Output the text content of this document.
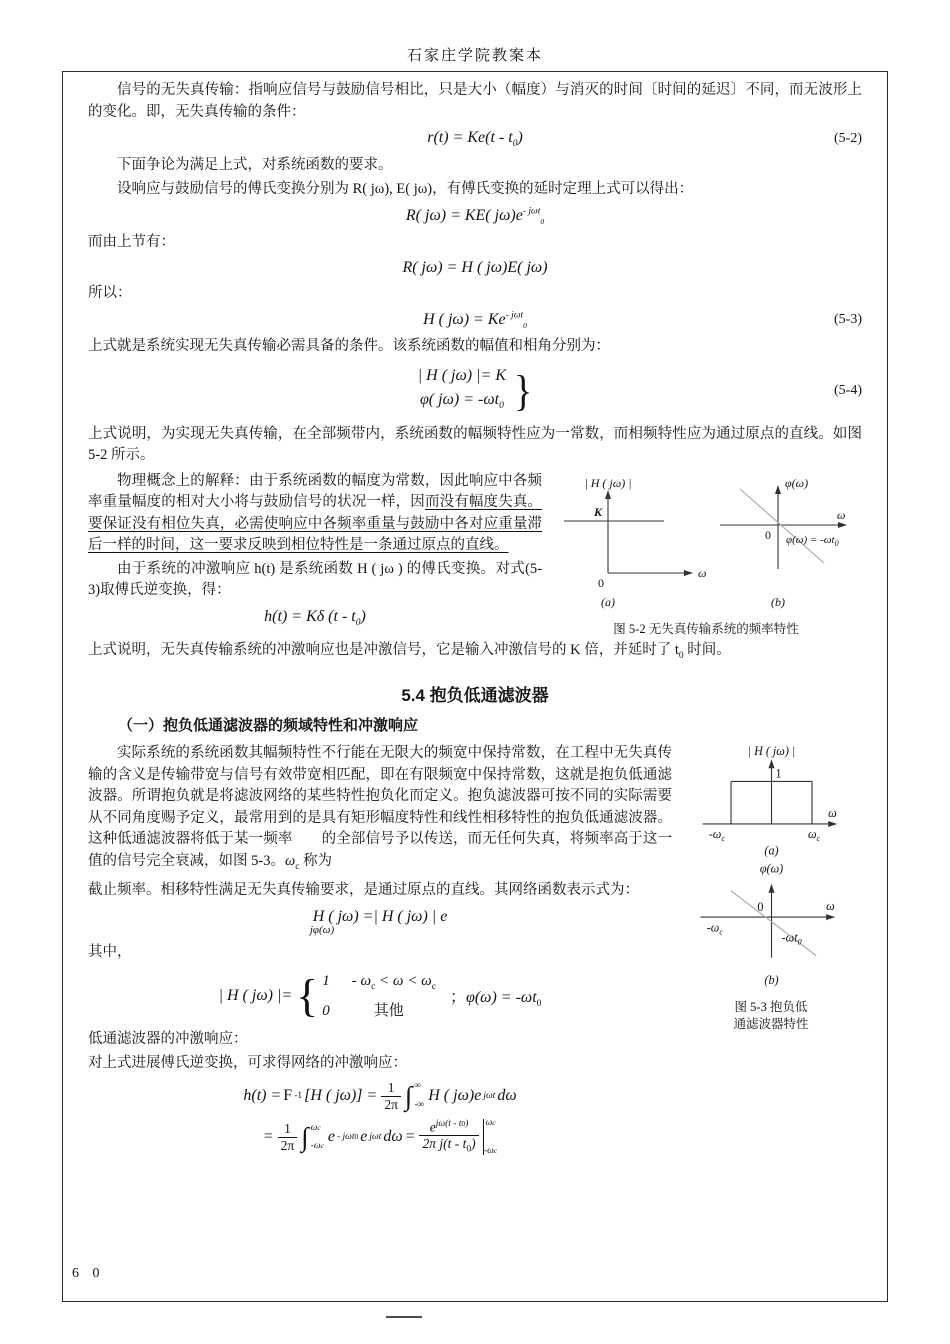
石家庄学院教案本

信号的无失真传输：指响应信号与鼓励信号相比，只是大小（幅度）与消灭的时间〔时间的延迟〕不同，而无波形上的变化。即，无失真传输的条件：

$r(t) = Ke(t - t_0)$	(5-2)

下面争论为满足上式，对系统函数的要求。

设响应与鼓励信号的傅氏变换分别为 R( jω), E( jω)，有傅氏变换的延时定理上式可以得出：

R( jω) = KE( $j\omega)e^{- j\omega t}_0$

而由上节有：

R( jω) = H ( jω)E( jω)

所以：

H ( $j\omega) = Ke^{- j\omega t}_0$	(5-3)

上式就是系统实现无失真传输必需具备的条件。该系统函数的幅值和相角分别为：

| H ( jω) |= K
φ( $j\omega) = -\omega t_0$ }	(5-4)

上式说明，为实现无失真传输，在全部频带内，系统函数的幅频特性应为一常数，而相频特性应为通过原点的直线。如图 5-2 所示。

物理概念上的解释：由于系统函数的幅度为常数，因此响应中各频率重量幅度的相对大小将与鼓励信号的状况一样，因而没有幅度失真。要保证没有相位失真，必需使响应中各频率重量与鼓励中各对应重量滞后一样的时间，这一要求反映到相位特性是一条通过原点的直线。

由于系统的冲激响应 h(t) 是系统函数 H ( jω ) 的傅氏变换。对式(5-3)取傅氏逆变换，得：

h(t) = Kδ $(t - t_0)$
| H ( jω) |
K
ω
0
(a)
φ(ω)
ω
0 $\varphi(\omega) = -\omega t_0$
(b)
图 5-2 无失真传输系统的频率特性

上式说明，无失真传输系统的冲激响应也是冲激信号，它是输入冲激信号的 K 倍，并延时了 $t_0$ 时间。

5.4 抱负低通滤波器
（一）抱负低通滤波器的频域特性和冲激响应

实际系统的系统函数其幅频特性不行能在无限大的频宽中保持常数，在工程中无失真传输的含义是传输带宽与信号有效带宽相匹配，即在有限频宽中保持常数，这就是抱负低通滤波器。所谓抱负就是将滤波网络的某些特性抱负化而定义。抱负滤波器可按不同的实际需要从不同角度赐予定义，最常用到的是具有矩形幅度特性和线性相移特性的抱负低通滤波器。这种低通滤波器将低于某一频率　　的全部信号予以传送，而无任何失真，将频率高于这一值的信号完全衰减，如图 5-3。$\omega_c$ 称为

截止频率。相移特性满足无失真传输要求，是通过原点的直线。其网络函数表示式为：

H ( jω) =| H ( jω) | e
jφ(ω)

其中，

| H ( jω) |= { $1 - \omega_c < \omega < \omega_c$
0	其他
；$\varphi(\omega) = -\omega t_0$

低通滤波器的冲激响应：

对上式进展傅氏逆变换，可求得网络的冲激响应：

h(t) = F -1 [H ( $j\omega)] = \frac{1}{2\pi}$ ∫ ∞
-∞
H ( jω)e jωt dω
= $\frac{1}{2\pi}$ ∫ ωc
-ωc
e - jωt0 e jωt $d\omega = \frac{e^{j\omega(t - t0)}}{2\pi j(t - t_0)}$ ωc
-ωc
| H ( jω) |
1
ω
$-\omega_c$	$\omega_c$
(a)
φ(ω)
ω
$-\omega_c$
0
$-\omega t_0$
(b)
图 5-3 抱负低
通滤波器特性
6 0
